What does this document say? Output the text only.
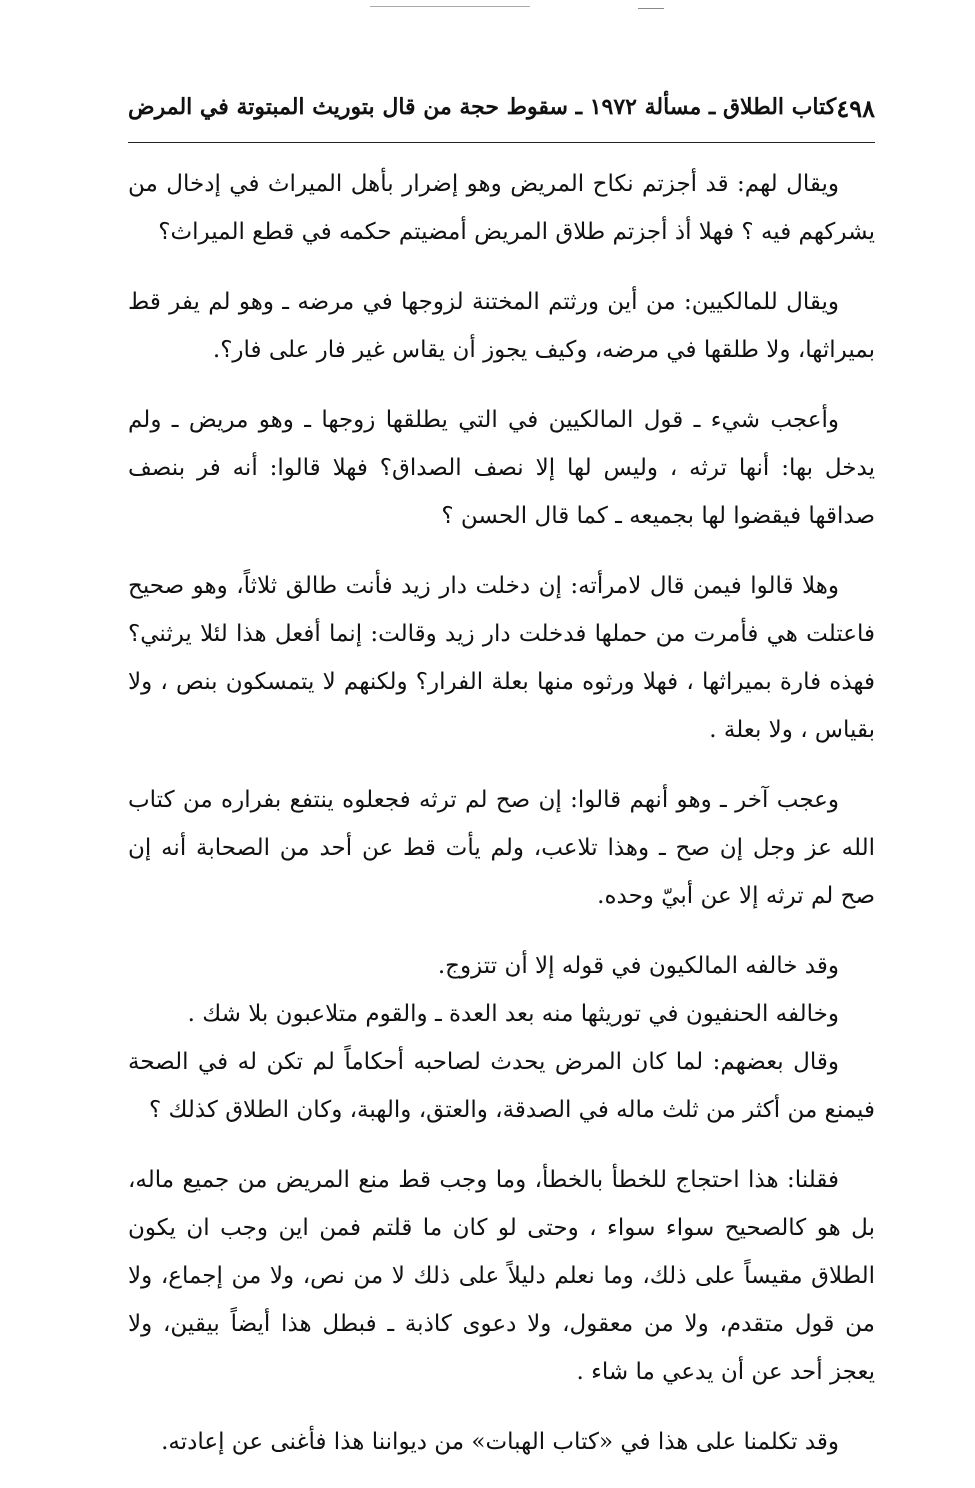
٤٩٨
كتاب الطلاق ـ مسألة ١٩٧٢ ـ سقوط حجة من قال بتوريث المبتوتة في المرض

ويقال لهم: قد أجزتم نكاح المريض وهو إضرار بأهل الميراث في إدخال من يشركهم فيه ؟ فهلا أذ أجزتم طلاق المريض أمضيتم حكمه في قطع الميراث؟

ويقال للمالكيين: من أين ورثتم المختنة لزوجها في مرضه ـ وهو لم يفر قط بميراثها، ولا طلقها في مرضه، وكيف يجوز أن يقاس غير فار على فار؟.

وأعجب شيء ـ قول المالكيين في التي يطلقها زوجها ـ وهو مريض ـ ولم يدخل بها: أنها ترثه ، وليس لها إلا نصف الصداق؟ فهلا قالوا: أنه فر بنصف صداقها فيقضوا لها بجميعه ـ كما قال الحسن ؟

وهلا قالوا فيمن قال لامرأته: إن دخلت دار زيد فأنت طالق ثلاثاً، وهو صحيح فاعتلت هي فأمرت من حملها فدخلت دار زيد وقالت: إنما أفعل هذا لئلا يرثني؟ فهذه فارة بميراثها ، فهلا ورثوه منها بعلة الفرار؟ ولكنهم لا يتمسكون بنص ، ولا بقياس ، ولا بعلة .

وعجب آخر ـ وهو أنهم قالوا: إن صح لم ترثه فجعلوه ينتفع بفراره من كتاب الله عز وجل إن صح ـ وهذا تلاعب، ولم يأت قط عن أحد من الصحابة أنه إن صح لم ترثه إلا عن أبيّ وحده.

وقد خالفه المالكيون في قوله إلا أن تتزوج.

وخالفه الحنفيون في توريثها منه بعد العدة ـ والقوم متلاعبون بلا شك .

وقال بعضهم: لما كان المرض يحدث لصاحبه أحكاماً لم تكن له في الصحة فيمنع من أكثر من ثلث ماله في الصدقة، والعتق، والهبة، وكان الطلاق كذلك ؟

فقلنا: هذا احتجاج للخطأ بالخطأ، وما وجب قط منع المريض من جميع ماله، بل هو كالصحيح سواء سواء ، وحتى لو كان ما قلتم فمن اين وجب ان يكون الطلاق مقيساً على ذلك، وما نعلم دليلاً على ذلك لا من نص، ولا من إجماع، ولا من قول متقدم، ولا من معقول، ولا دعوى كاذبة ـ فبطل هذا أيضاً بيقين، ولا يعجز أحد عن أن يدعي ما شاء .

وقد تكلمنا على هذا في «كتاب الهبات» من ديواننا هذا فأغنى عن إعادته.
